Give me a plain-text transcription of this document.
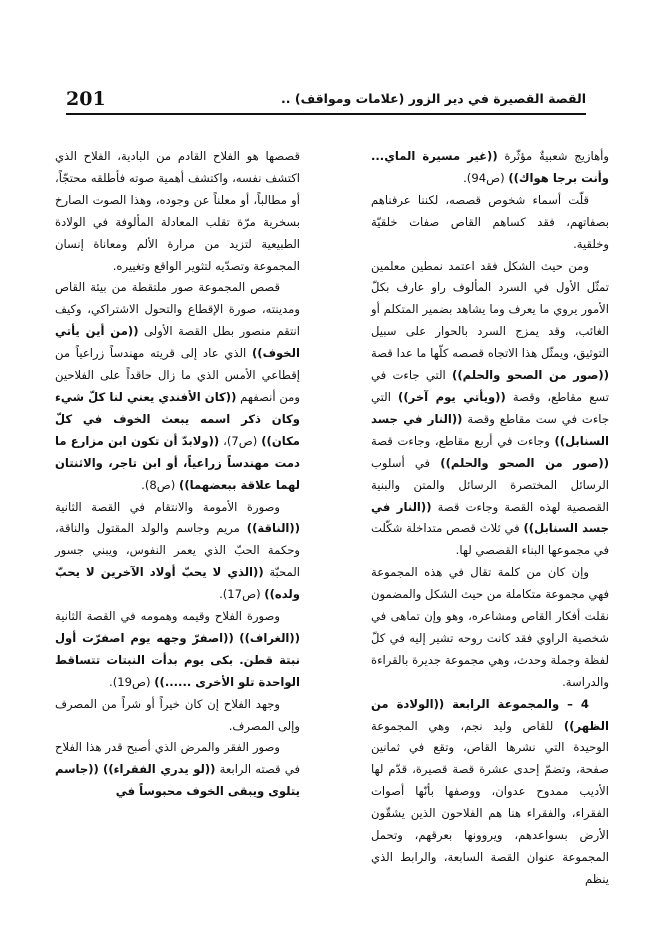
201	القصة القصيرة في دير الزور (علامات ومواقف) ..

وأهازيج شعبيةٌ مؤثّرة ((غير مسيرة الماي... وأنت برجا هواك)) (ص94).

قلّت أسماء شخوص قصصه، لكننا عرفناهم بصفاتهم، فقد كساهم القاص صفات خلقيّة وخلقية.

ومن حيث الشكل فقد اعتمد نمطين معلمين تمثّل الأول في السرد المألوف راو عارف بكلّ الأمور يروي ما يعرف وما يشاهد بضمير المتكلم أو الغائب، وقد يمزج السرد بالحوار على سبيل التوثيق، ويمثّل هذا الاتجاه قصصه كلّها ما عدا قصة ((صور من الصحو والحلم)) التي جاءت في تسع مقاطع، وقصة ((ويأتي يوم آخر)) التي جاءت في ست مقاطع وقصة ((النار في جسد السنابل)) وجاءت في أربع مقاطع، وجاءت قصة ((صور من الصحو والحلم)) في أسلوب الرسائل المختصرة الرسائل والمتن والبنية القصصية لهذه القصة وجاءت قصة ((النار في جسد السنابل)) في ثلاث قصص متداخلة شكّلت في مجموعها البناء القصصي لها.

وإن كان من كلمة تقال في هذه المجموعة فهي مجموعة متكاملة من حيث الشكل والمضمون نقلت أفكار القاص ومشاعره، وهو وإن تماهى في شخصية الراوي فقد كانت روحه تشير إليه في كلّ لفظة وجملة وحدث، وهي مجموعة جديرة بالقراءة والدراسة.

4 – والمجموعة الرابعة ((الولادة من الظهر)) للقاص وليد نجم، وهي المجموعة الوحيدة التي نشرها القاص، وتقع في ثمانين صفحة، وتضمّ إحدى عشرة قصة قصيرة، قدّم لها الأديب ممدوح عدوان، ووصفها بأنّها أصوات الفقراء، والفقراء هنا هم الفلاحون الذين يشقّون الأرض بسواعدهم، ويروونها بعرقهم، وتحمل المجموعة عنوان القصة السابعة، والرابط الذي ينظم

قصصها هو الفلاح القادم من البادية، الفلاح الذي اكتشف نفسه، واكتشف أهمية صوته فأطلقه محتجّاً، أو مطالباً، أو معلناً عن وجوده، وهذا الصوت الصارخ بسخرية مرّة تقلب المعادلة المألوفة في الولادة الطبيعية لتزيد من مرارة الألم ومعاناة إنسان المجموعة وتصدّيه لتثوير الواقع وتغييره.

قصص المجموعة صور ملتقطة من بيئة القاص ومدينته، صورة الإقطاع والتحول الاشتراكي، وكيف انتقم منصور بطل القصة الأولى ((من أين يأتي الخوف)) الذي عاد إلى قريته مهندساً زراعياً من إقطاعي الأمس الذي ما زال حاقداً على الفلاحين ومن أنصفهم ((كان الأفندي يعني لنا كلّ شيء وكان ذكر اسمه يبعث الخوف في كلّ مكان)) (ص7)، ((ولابدّ أن تكون ابن مزارع ما دمت مهندساً زراعياً، أو ابن تاجر، والاثنتان لهما علاقة ببعضهما)) (ص8).

وصورة الأمومة والانتقام في القصة الثانية ((الناقة)) مريم وجاسم والولد المقتول والناقة، وحكمة الحبّ الذي يعمر النفوس، ويبني جسور المحبّة ((الذي لا يحبّ أولاد الآخرين لا يحبّ ولده)) (ص17).

وصورة الفلاح وقيمه وهمومه في القصة الثانية ((الغراف)) ((اصفرّ وجهه يوم اصفرّت أول نبتة قطن. بكى يوم بدأت النبتات تتساقط الواحدة تلو الأخرى ......)) (ص19).

وجهد الفلاح إن كان خيراً أو شراً من المصرف وإلى المصرف.

وصور الفقر والمرض الذي أصبح قدر هذا الفلاح في قصته الرابعة ((لو يدري الفقراء)) ((جاسم يتلوى ويبقى الخوف محبوساً في
